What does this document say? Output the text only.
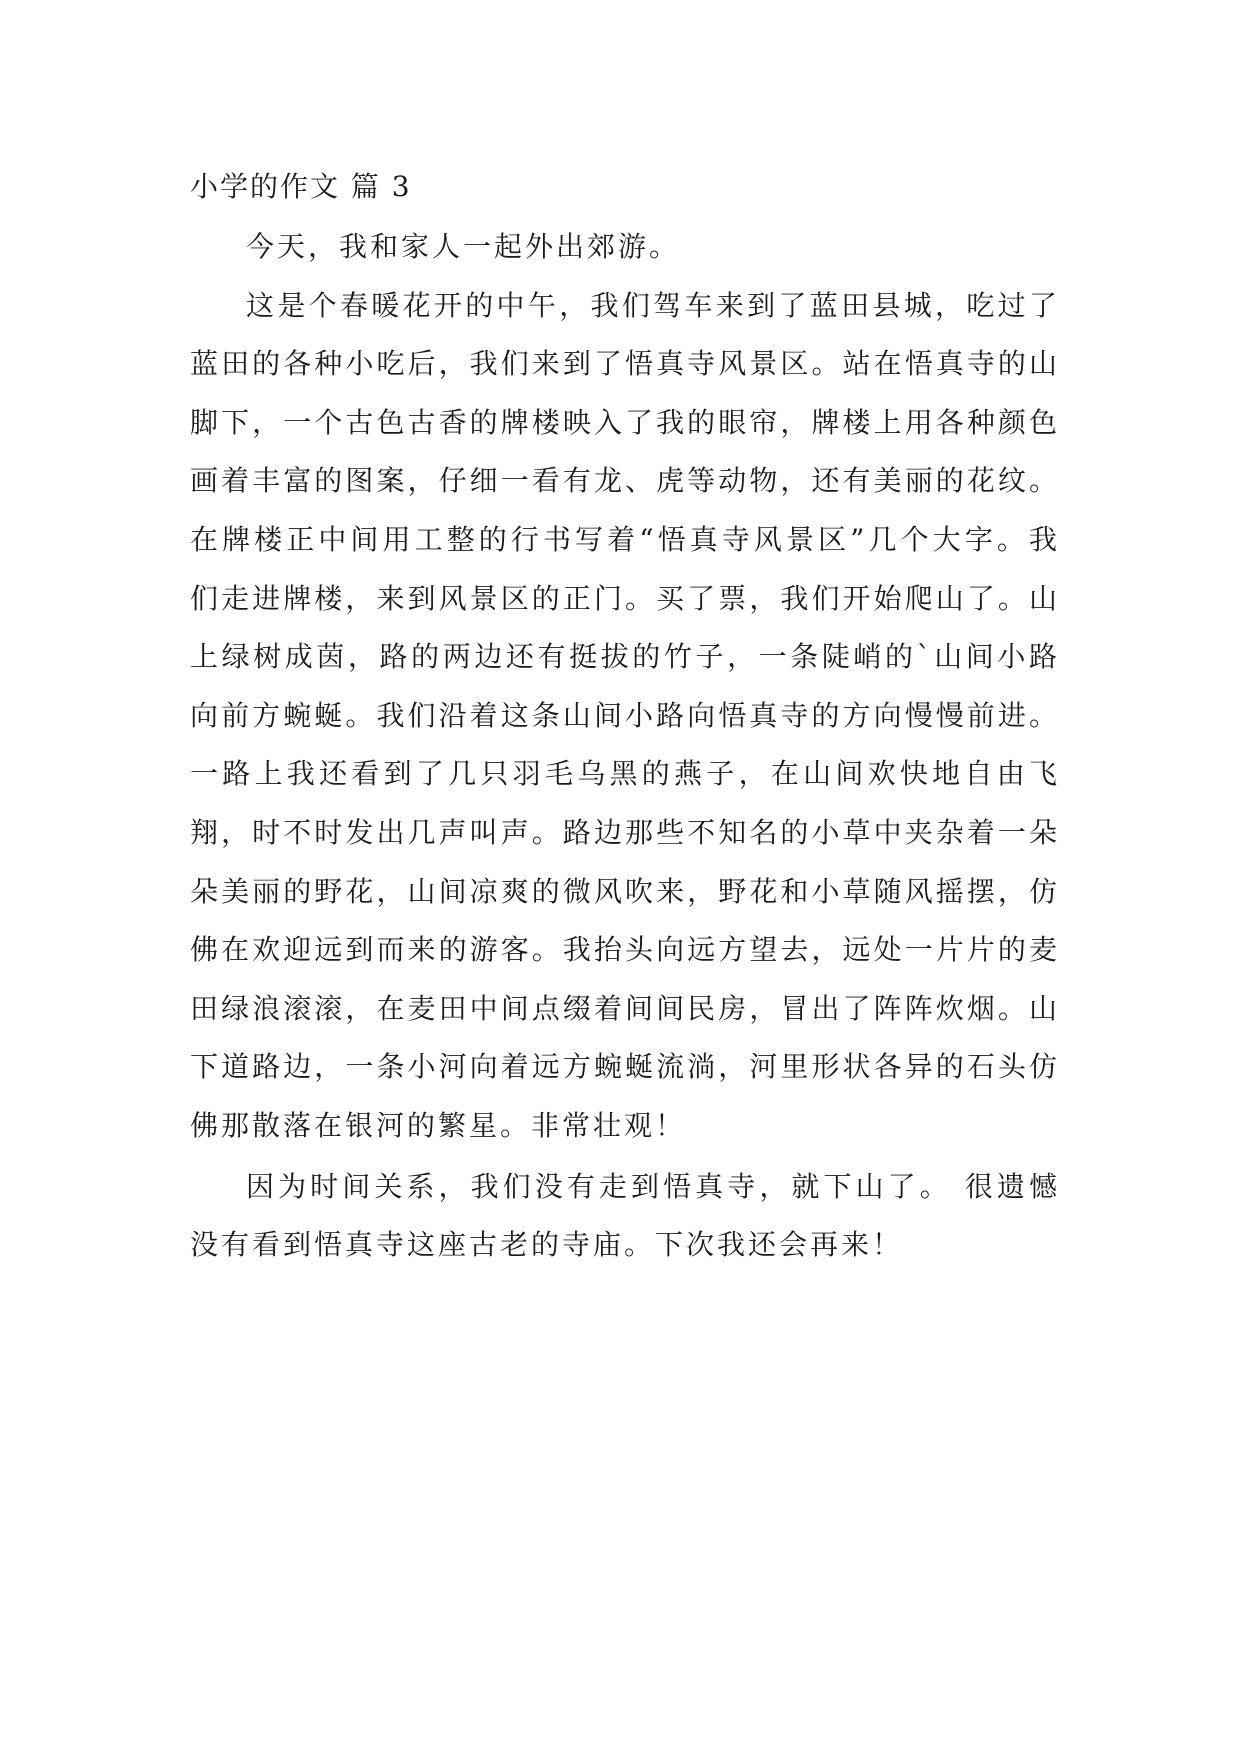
小学的作文 篇 3

今天，我和家人一起外出郊游。

这是个春暖花开的中午，我们驾车来到了蓝田县城，吃过了蓝田的各种小吃后，我们来到了悟真寺风景区。站在悟真寺的山脚下，一个古色古香的牌楼映入了我的眼帘，牌楼上用各种颜色画着丰富的图案，仔细一看有龙、虎等动物，还有美丽的花纹。在牌楼正中间用工整的行书写着“悟真寺风景区”几个大字。我们走进牌楼，来到风景区的正门。买了票，我们开始爬山了。山上绿树成茵，路的两边还有挺拔的竹子，一条陡峭的`山间小路向前方蜿蜒。我们沿着这条山间小路向悟真寺的方向慢慢前进。一路上我还看到了几只羽毛乌黑的燕子，在山间欢快地自由飞翔，时不时发出几声叫声。路边那些不知名的小草中夹杂着一朵朵美丽的野花，山间凉爽的微风吹来，野花和小草随风摇摆，仿佛在欢迎远到而来的游客。我抬头向远方望去，远处一片片的麦田绿浪滚滚，在麦田中间点缀着间间民房，冒出了阵阵炊烟。山下道路边，一条小河向着远方蜿蜒流淌，河里形状各异的石头仿佛那散落在银河的繁星。非常壮观！

因为时间关系，我们没有走到悟真寺，就下山了。 很遗憾没有看到悟真寺这座古老的寺庙。下次我还会再来！
